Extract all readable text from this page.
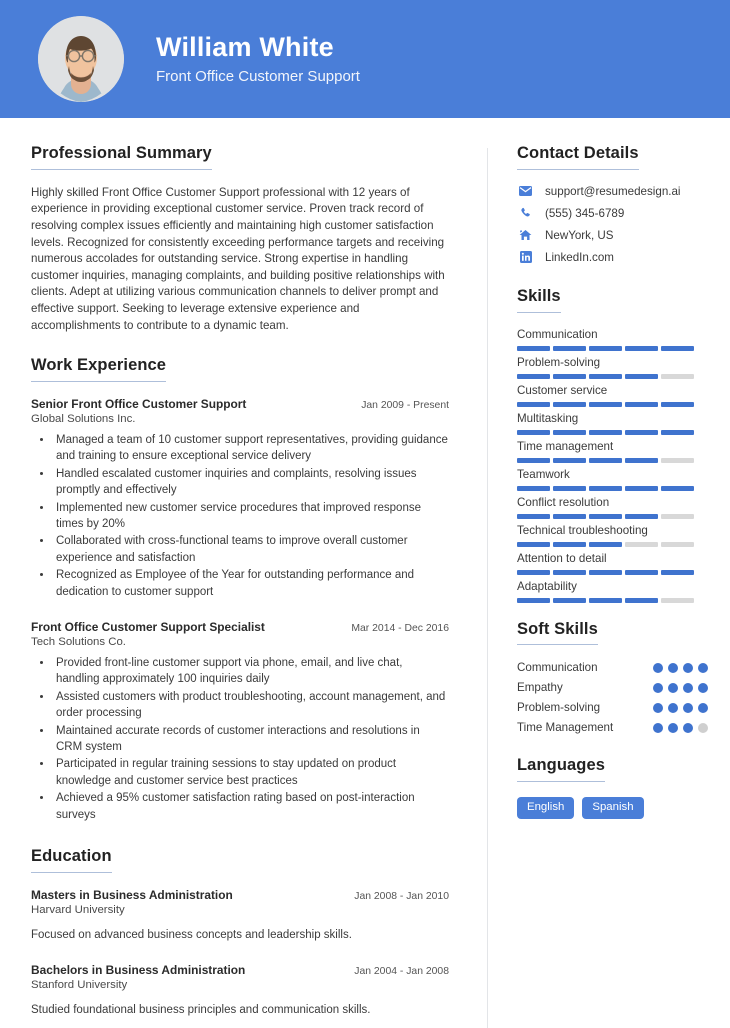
William White
Front Office Customer Support
Professional Summary
Highly skilled Front Office Customer Support professional with 12 years of experience in providing exceptional customer service. Proven track record of resolving complex issues efficiently and maintaining high customer satisfaction levels. Recognized for consistently exceeding performance targets and receiving numerous accolades for outstanding service. Strong expertise in handling customer inquiries, managing complaints, and building positive relationships with clients. Adept at utilizing various communication channels to deliver prompt and effective support. Seeking to leverage extensive experience and accomplishments to contribute to a dynamic team.
Work Experience
Senior Front Office Customer Support	Jan 2009 - Present
Global Solutions Inc.
• Managed a team of 10 customer support representatives, providing guidance and training to ensure exceptional service delivery
• Handled escalated customer inquiries and complaints, resolving issues promptly and effectively
• Implemented new customer service procedures that improved response times by 20%
• Collaborated with cross-functional teams to improve overall customer experience and satisfaction
• Recognized as Employee of the Year for outstanding performance and dedication to customer support
Front Office Customer Support Specialist	Mar 2014 - Dec 2016
Tech Solutions Co.
• Provided front-line customer support via phone, email, and live chat, handling approximately 100 inquiries daily
• Assisted customers with product troubleshooting, account management, and order processing
• Maintained accurate records of customer interactions and resolutions in CRM system
• Participated in regular training sessions to stay updated on product knowledge and customer service best practices
• Achieved a 95% customer satisfaction rating based on post-interaction surveys
Education
Masters in Business Administration	Jan 2008 - Jan 2010
Harvard University
Focused on advanced business concepts and leadership skills.
Bachelors in Business Administration	Jan 2004 - Jan 2008
Stanford University
Studied foundational business principles and communication skills.
Contact Details
support@resumedesign.ai
(555) 345-6789
NewYork, US
LinkedIn.com
Skills
Communication
Problem-solving
Customer service
Multitasking
Time management
Teamwork
Conflict resolution
Technical troubleshooting
Attention to detail
Adaptability
Soft Skills
Communication
Empathy
Problem-solving
Time Management
Languages
English	Spanish
